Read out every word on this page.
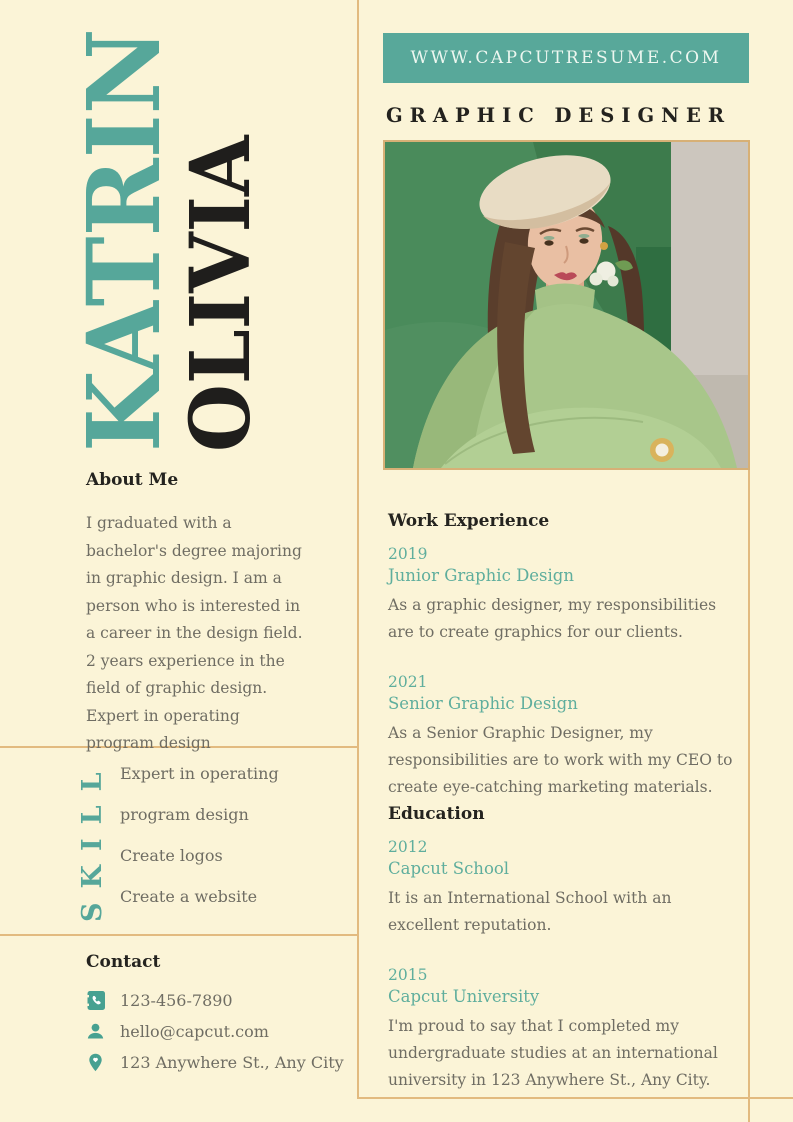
KATRIN
OLIVIA
About Me

I graduated with a bachelor's degree majoring in graphic design. I am a person who is interested in a career in the design field. 2 years experience in the field of graphic design. Expert in operating program design

SKILL Expert in operating
program design
Create logos
Create a website
Contact
123-456-7890
hello@capcut.com
123 Anywhere St., Any City
WWW.CAPCUTRESUME.COM
GRAPHIC DESIGNER
Work Experience
2019
Junior Graphic Design

As a graphic designer, my responsibilities are to create graphics for our clients.

2021
Senior Graphic Design

As a Senior Graphic Designer, my responsibilities are to work with my CEO to create eye-catching marketing materials.

Education
2012
Capcut School

It is an International School with an excellent reputation.

2015
Capcut University

I'm proud to say that I completed my undergraduate studies at an international university in 123 Anywhere St., Any City.
